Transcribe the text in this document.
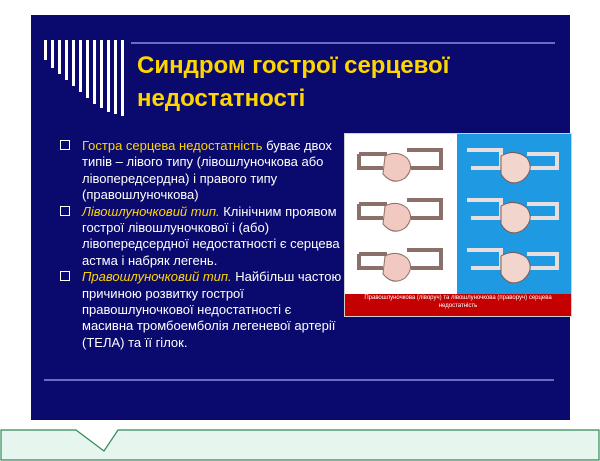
Синдром гострої серцевої
недостатності
Гостра серцева недостатність буває двох типів – лівого типу (лівошлуночкова або лівопередсердна) і правого типу (правошлуночкова)
Лівошлуночковий тип. Клінічним проявом гострої лівошлуночкової і (або) лівопередсердної недостатності є серцева астма і набряк легень.
Правошлуночковий тип. Найбільш частою причиною розвитку гострої правошлуночкової недостатності є масивна тромбоемболія легеневої артерії (ТЕЛА) та її гілок.
Правошлуночкова (лівоpуч) та лівошлуночкова (праворуч) серцева недостатність
